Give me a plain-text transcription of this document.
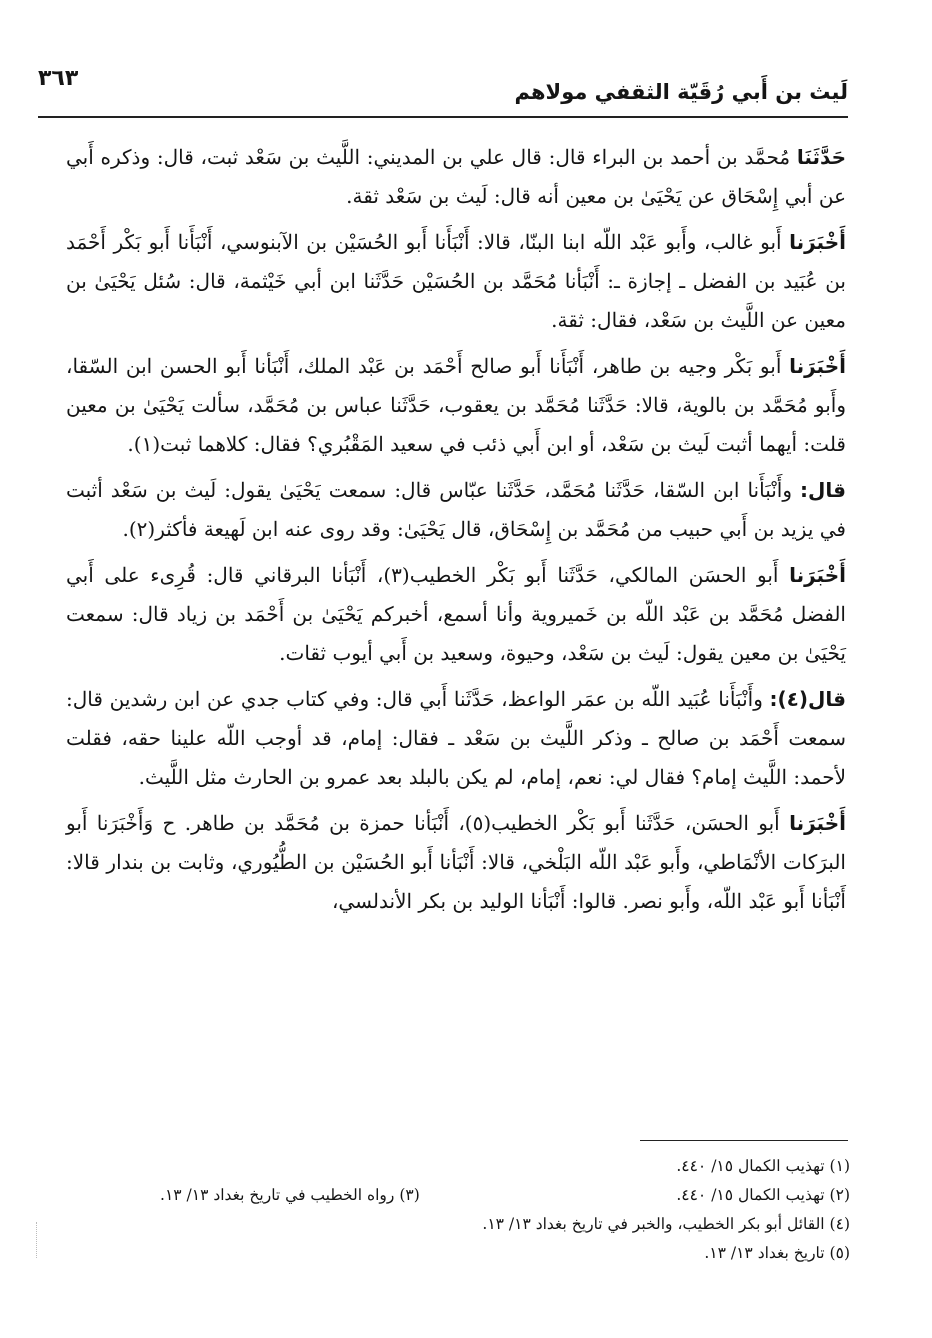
لَيث بن أَبي رُقَيّة الثقفي مولاهم
٣٦٣

حَدَّثَنَا مُحمَّد بن أحمد بن البراء قال: قال علي بن المديني: اللَّيث بن سَعْد ثبت، قال: وذكره أَبي عن أبي إِسْحَاق عن يَحْيَىٰ بن معين أنه قال: لَيث بن سَعْد ثقة.

أَخْبَرَنا أَبو غالب، وأَبو عَبْد اللّه ابنا البنّا، قالا: أَنْبَأَنا أَبو الحُسَيْن بن الآبنوسي، أَنْبَأَنا أَبو بَكْر أَحْمَد بن عُبَيد بن الفضل ـ إجازة ـ: أَنْبَأنا مُحَمَّد بن الحُسَيْن حَدَّثَنا ابن أبي خَيْثمة، قال: سُئل يَحْيَىٰ بن معين عن اللَّيث بن سَعْد، فقال: ثقة.

أَخْبَرَنا أَبو بَكْر وجيه بن طاهر، أَنْبَأَنا أَبو صالح أَحْمَد بن عَبْد الملك، أَنْبَأنا أَبو الحسن ابن السّقا، وأَبو مُحَمَّد بن بالوية، قالا: حَدَّثَنا مُحَمَّد بن يعقوب، حَدَّثَنا عباس بن مُحَمَّد، سألت يَحْيَىٰ بن معين قلت: أيهما أثبت لَيث بن سَعْد، أو ابن أَبي ذئب في سعيد المَقْبُري؟ فقال: كلاهما ثبت(١).

قال: وأَنْبَأَنا ابن السّقا، حَدَّثَنا مُحَمَّد، حَدَّثَنا عبّاس قال: سمعت يَحْيَىٰ يقول: لَيث بن سَعْد أثبت في يزيد بن أَبي حبيب من مُحَمَّد بن إِسْحَاق، قال يَحْيَىٰ: وقد روى عنه ابن لَهيعة فأكثر(٢).

أَخْبَرَنا أَبو الحسَن المالكي، حَدَّثَنا أَبو بَكْر الخطيب(٣)، أَنْبَأنا البرقاني قال: قُرِىء على أَبي الفضل مُحَمَّد بن عَبْد اللّه بن خَميروية وأنا أسمع، أخبركم يَحْيَىٰ بن أَحْمَد بن زياد قال: سمعت يَحْيَىٰ بن معين يقول: لَيث بن سَعْد، وحيوة، وسعيد بن أَبي أيوب ثقات.

قال(٤): وأَنْبَأَنا عُبَيد اللّه بن عمَر الواعظ، حَدَّثَنا أَبي قال: وفي كتاب جدي عن ابن رشدين قال: سمعت أَحْمَد بن صالح ـ وذكر اللَّيث بن سَعْد ـ فقال: إمام، قد أوجب اللّه علينا حقه، فقلت لأحمد: اللَّيث إمام؟ فقال لي: نعم، إمام، لم يكن بالبلد بعد عمرو بن الحارث مثل اللَّيث.

أَخْبَرَنا أَبو الحسَن، حَدَّثَنا أَبو بَكْر الخطيب(٥)، أَنْبَأنا حمزة بن مُحَمَّد بن طاهر. ح وَأَخْبَرَنا أَبو البرَكات الأنْمَاطي، وأَبو عَبْد اللّه البَلْخي، قالا: أَنْبَأنا أَبو الحُسَيْن بن الطُّيُوري، وثابت بن بندار قالا: أَنْبَأنا أَبو عَبْد اللّه، وأَبو نصر. قالوا: أَنْبَأنا الوليد بن بكر الأندلسي،

(١) تهذيب الكمال ١٥/ ٤٤٠.
(٢) تهذيب الكمال ١٥/ ٤٤٠.
(٣) رواه الخطيب في تاريخ بغداد ١٣/ ١٣.
(٤) القائل أبو بكر الخطيب، والخبر في تاريخ بغداد ١٣/ ١٣.
(٥) تاريخ بغداد ١٣/ ١٣.
